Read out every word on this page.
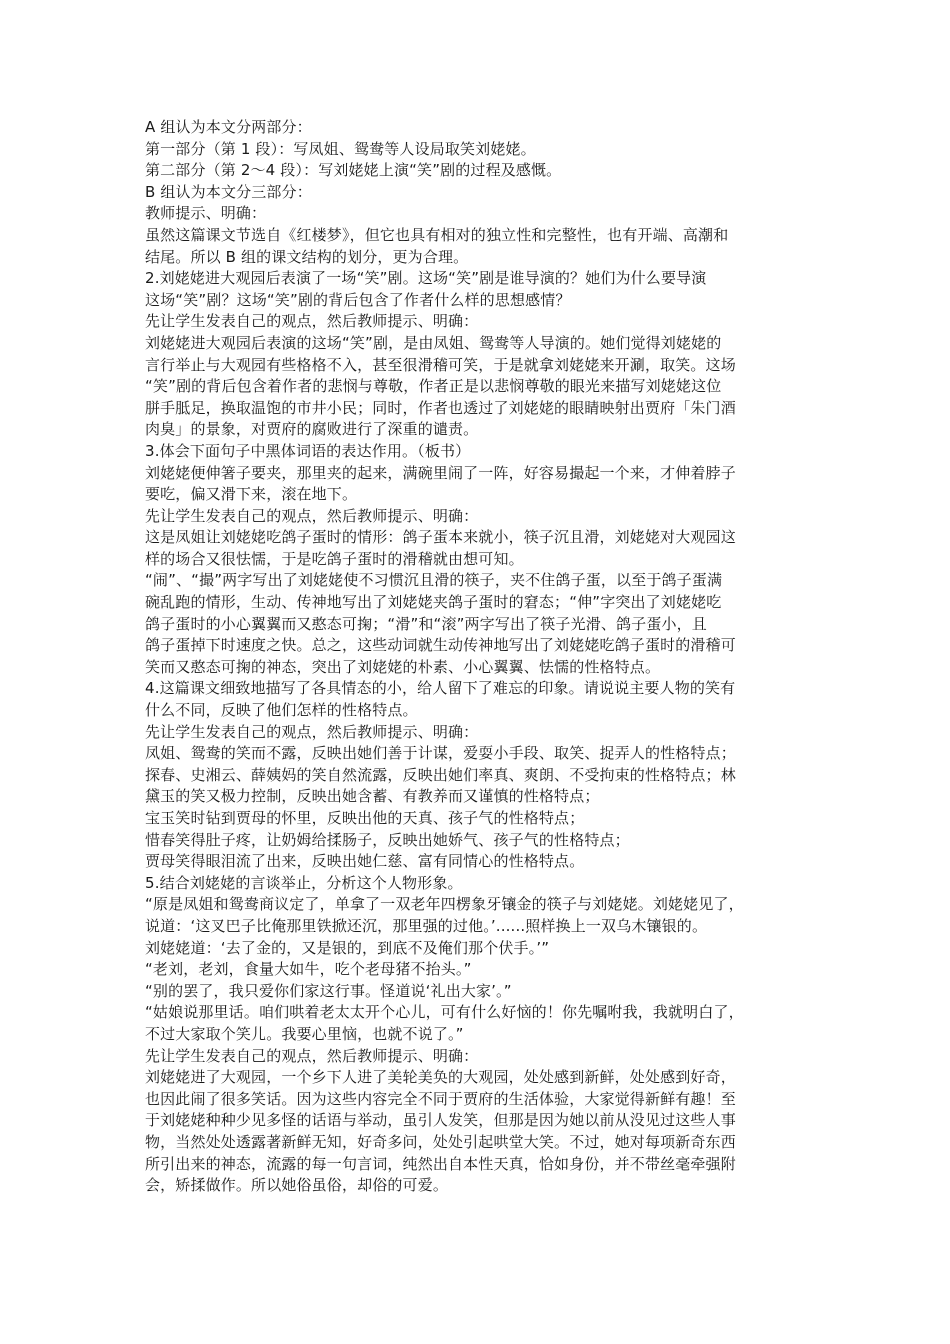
A 组认为本文分两部分：
第一部分（第 1 段）：写凤姐、鸳鸯等人设局取笑刘姥姥。
第二部分（第 2～4 段）：写刘姥姥上演“笑”剧的过程及感慨。
B 组认为本文分三部分：
教师提示、明确：
虽然这篇课文节选自《红楼梦》，但它也具有相对的独立性和完整性，也有开端、高潮和
结尾。所以 B 组的课文结构的划分，更为合理。
2.刘姥姥进大观园后表演了一场“笑”剧。这场“笑”剧是谁导演的？她们为什么要导演
这场“笑”剧？这场“笑”剧的背后包含了作者什么样的思想感情？
先让学生发表自己的观点，然后教师提示、明确：
刘姥姥进大观园后表演的这场“笑”剧，是由凤姐、鸳鸯等人导演的。她们觉得刘姥姥的
言行举止与大观园有些格格不入，甚至很滑稽可笑，于是就拿刘姥姥来开涮，取笑。这场
“笑”剧的背后包含着作者的悲悯与尊敬，作者正是以悲悯尊敬的眼光来描写刘姥姥这位
胼手胝足，换取温饱的市井小民；同时，作者也透过了刘姥姥的眼睛映射出贾府「朱门酒
肉臭」的景象，对贾府的腐败进行了深重的谴责。
3.体会下面句子中黑体词语的表达作用。（板书）
刘姥姥便伸箸子要夹，那里夹的起来，满碗里闹了一阵，好容易撮起一个来，才伸着脖子
要吃，偏又滑下来，滚在地下。
先让学生发表自己的观点，然后教师提示、明确：
这是凤姐让刘姥姥吃鸽子蛋时的情形：鸽子蛋本来就小，筷子沉且滑，刘姥姥对大观园这
样的场合又很怯懦，于是吃鸽子蛋时的滑稽就由想可知。
“闹”、“撮”两字写出了刘姥姥使不习惯沉且滑的筷子，夹不住鸽子蛋，以至于鸽子蛋满
碗乱跑的情形，生动、传神地写出了刘姥姥夹鸽子蛋时的窘态；“伸”字突出了刘姥姥吃
鸽子蛋时的小心翼翼而又憨态可掬；“滑”和“滚”两字写出了筷子光滑、鸽子蛋小，且
鸽子蛋掉下时速度之快。总之，这些动词就生动传神地写出了刘姥姥吃鸽子蛋时的滑稽可
笑而又憨态可掬的神态，突出了刘姥姥的朴素、小心翼翼、怯懦的性格特点。
4.这篇课文细致地描写了各具情态的小，给人留下了难忘的印象。请说说主要人物的笑有
什么不同，反映了他们怎样的性格特点。
先让学生发表自己的观点，然后教师提示、明确：
凤姐、鸳鸯的笑而不露，反映出她们善于计谋，爱耍小手段、取笑、捉弄人的性格特点；
探春、史湘云、薛姨妈的笑自然流露，反映出她们率真、爽朗、不受拘束的性格特点；林
黛玉的笑又极力控制，反映出她含蓄、有教养而又谨慎的性格特点；
宝玉笑时钻到贾母的怀里，反映出他的天真、孩子气的性格特点；
惜春笑得肚子疼，让奶姆给揉肠子，反映出她娇气、孩子气的性格特点；
贾母笑得眼泪流了出来，反映出她仁慈、富有同情心的性格特点。
5.结合刘姥姥的言谈举止，分析这个人物形象。
“原是凤姐和鸳鸯商议定了，单拿了一双老年四楞象牙镶金的筷子与刘姥姥。刘姥姥见了，
说道：‘这叉巴子比俺那里铁掀还沉，那里强的过他。’......照样换上一双乌木镶银的。
刘姥姥道：‘去了金的，又是银的，到底不及俺们那个伏手。’”
“老刘，老刘，食量大如牛，吃个老母猪不抬头。”
“别的罢了，我只爱你们家这行事。怪道说‘礼出大家’。”
“姑娘说那里话。咱们哄着老太太开个心儿，可有什么好恼的！你先嘱咐我，我就明白了，
不过大家取个笑儿。我要心里恼，也就不说了。”
先让学生发表自己的观点，然后教师提示、明确：
刘姥姥进了大观园，一个乡下人进了美轮美奂的大观园，处处感到新鲜，处处感到好奇，
也因此闹了很多笑话。因为这些内容完全不同于贾府的生活体验，大家觉得新鲜有趣！至
于刘姥姥种种少见多怪的话语与举动，虽引人发笑，但那是因为她以前从没见过这些人事
物，当然处处透露著新鲜无知，好奇多问，处处引起哄堂大笑。不过，她对每项新奇东西
所引出来的神态，流露的每一句言词，纯然出自本性天真，恰如身份，并不带丝毫牵强附
会，矫揉做作。所以她俗虽俗，却俗的可爱。
